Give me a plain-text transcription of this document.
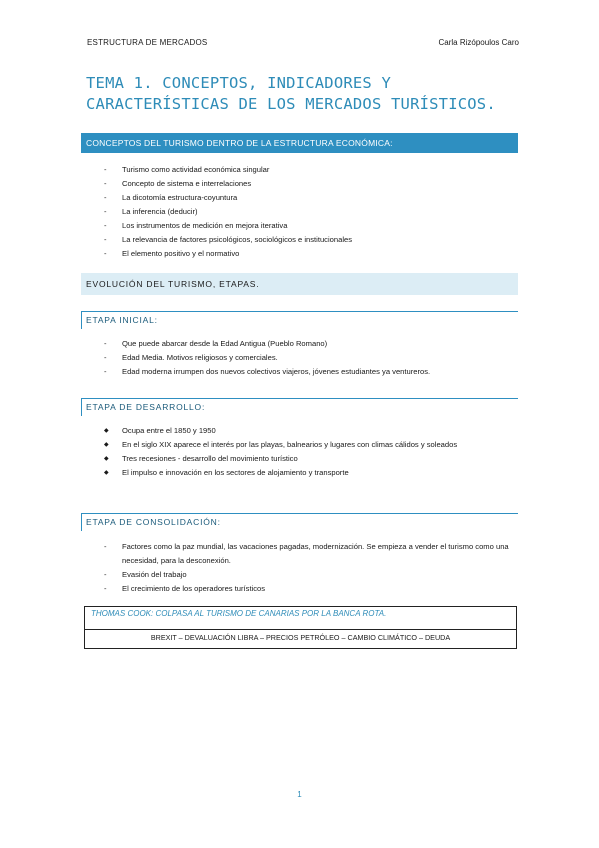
ESTRUCTURA DE MERCADOS	Carla Rizópoulos Caro
TEMA 1. CONCEPTOS, INDICADORES Y
CARACTERÍSTICAS DE LOS MERCADOS TURÍSTICOS.
CONCEPTOS DEL TURISMO DENTRO DE LA ESTRUCTURA ECONÓMICA:
- Turismo como actividad económica singular
- Concepto de sistema e interrelaciones
- La dicotomía estructura-coyuntura
- La inferencia (deducir)
- Los instrumentos de medición en mejora iterativa
- La relevancia de factores psicológicos, sociológicos e institucionales
- El elemento positivo y el normativo
EVOLUCIÓN DEL TURISMO, ETAPAS.
ETAPA INICIAL:
- Que puede abarcar desde la Edad Antigua (Pueblo Romano)
- Edad Media. Motivos religiosos y comerciales.
- Edad moderna irrumpen dos nuevos colectivos viajeros, jóvenes estudiantes ya ventureros.
ETAPA DE DESARROLLO:
◆ Ocupa entre el 1850 y 1950
◆ En el siglo XIX aparece el interés por las playas, balnearios y lugares con climas cálidos y soleados
◆ Tres recesiones - desarrollo del movimiento turístico
◆ El impulso e innovación en los sectores de alojamiento y transporte
ETAPA DE CONSOLIDACIÓN:
- Factores como la paz mundial, las vacaciones pagadas, modernización. Se empieza a vender el turismo como una necesidad, para la desconexión.
- Evasión del trabajo
- El crecimiento de los operadores turísticos
THOMAS COOK: COLPASA AL TURISMO DE CANARIAS POR LA BANCA ROTA.
BREXIT – DEVALUACIÓN LIBRA – PRECIOS PETRÓLEO – CAMBIO CLIMÁTICO – DEUDA
1
